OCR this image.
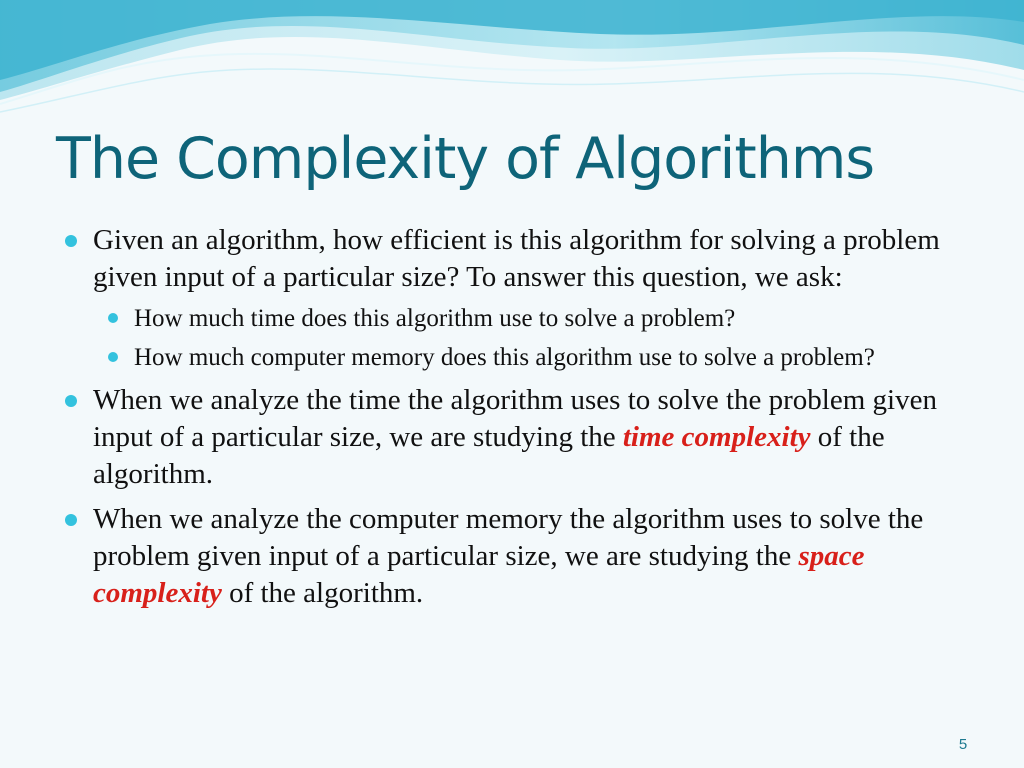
The Complexity of Algorithms
Given an algorithm, how efficient is this algorithm for solving a problem given input of a particular size? To answer this question, we ask:
How much time does this algorithm use to solve a problem?
How much computer memory does this algorithm use to solve a problem?
When we analyze the time the algorithm uses to solve the problem given input of a particular size, we are studying the time complexity of the algorithm.
When we analyze the computer memory the algorithm uses to solve the problem given input of a particular size, we are studying the space complexity of the algorithm.
5
